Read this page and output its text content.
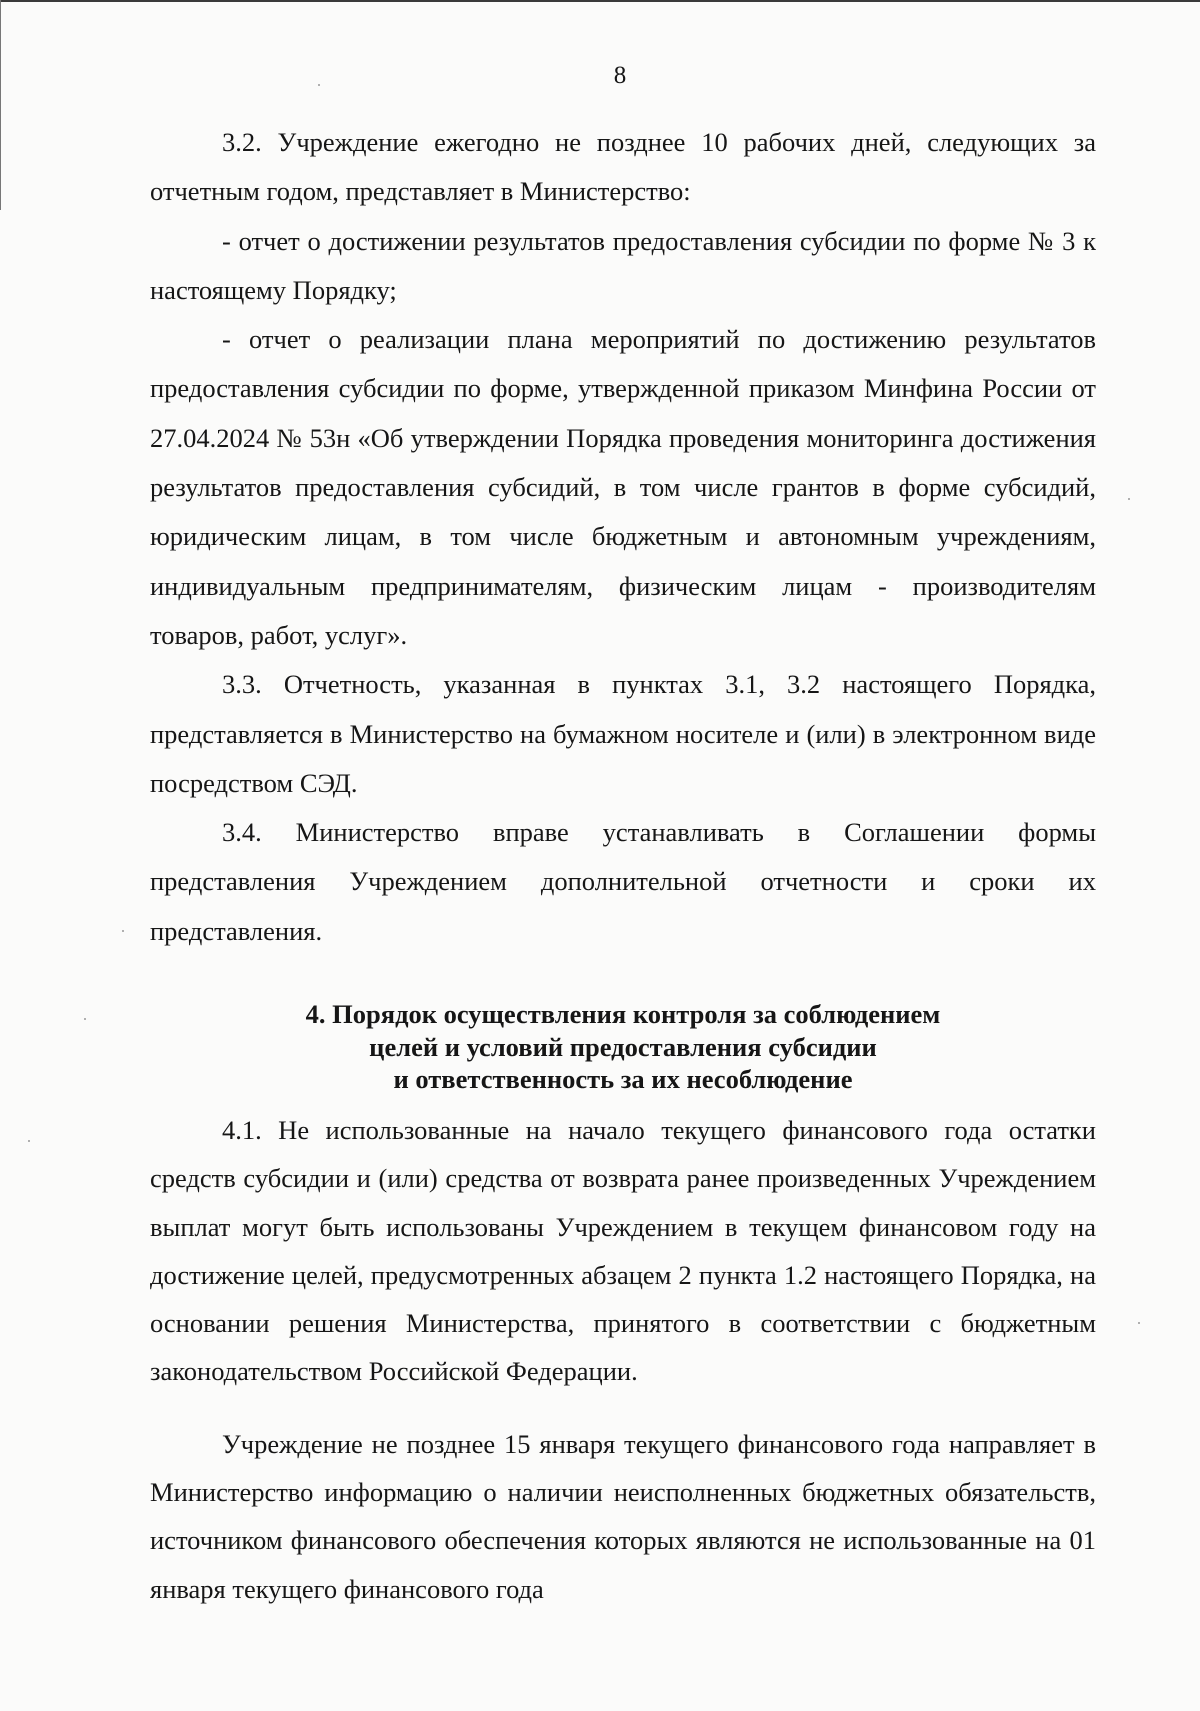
8

3.2. Учреждение ежегодно не позднее 10 рабочих дней, следующих за отчетным годом, представляет в Министерство:

- отчет о достижении результатов предоставления субсидии по форме № 3 к настоящему Порядку;

- отчет о реализации плана мероприятий по достижению результатов предоставления субсидии по форме, утвержденной приказом Минфина России от 27.04.2024 № 53н «Об утверждении Порядка проведения мониторинга достижения результатов предоставления субсидий, в том числе грантов в форме субсидий, юридическим лицам, в том числе бюджетным и автономным учреждениям, индивидуальным предпринимателям, физическим лицам - производителям товаров, работ, услуг».

3.3. Отчетность, указанная в пунктах 3.1, 3.2 настоящего Порядка, представляется в Министерство на бумажном носителе и (или) в электронном виде посредством СЭД.

3.4. Министерство вправе устанавливать в Соглашении формы представления Учреждением дополнительной отчетности и сроки их представления.

4. Порядок осуществления контроля за соблюдением
целей и условий предоставления субсидии
и ответственность за их несоблюдение

4.1. Не использованные на начало текущего финансового года остатки средств субсидии и (или) средства от возврата ранее произведенных Учреждением выплат могут быть использованы Учреждением в текущем финансовом году на достижение целей, предусмотренных абзацем 2 пункта 1.2 настоящего Порядка, на основании решения Министерства, принятого в соответствии с бюджетным законодательством Российской Федерации.

Учреждение не позднее 15 января текущего финансового года направляет в Министерство информацию о наличии неисполненных бюджетных обязательств, источником финансового обеспечения которых являются не использованные на 01 января текущего финансового года
